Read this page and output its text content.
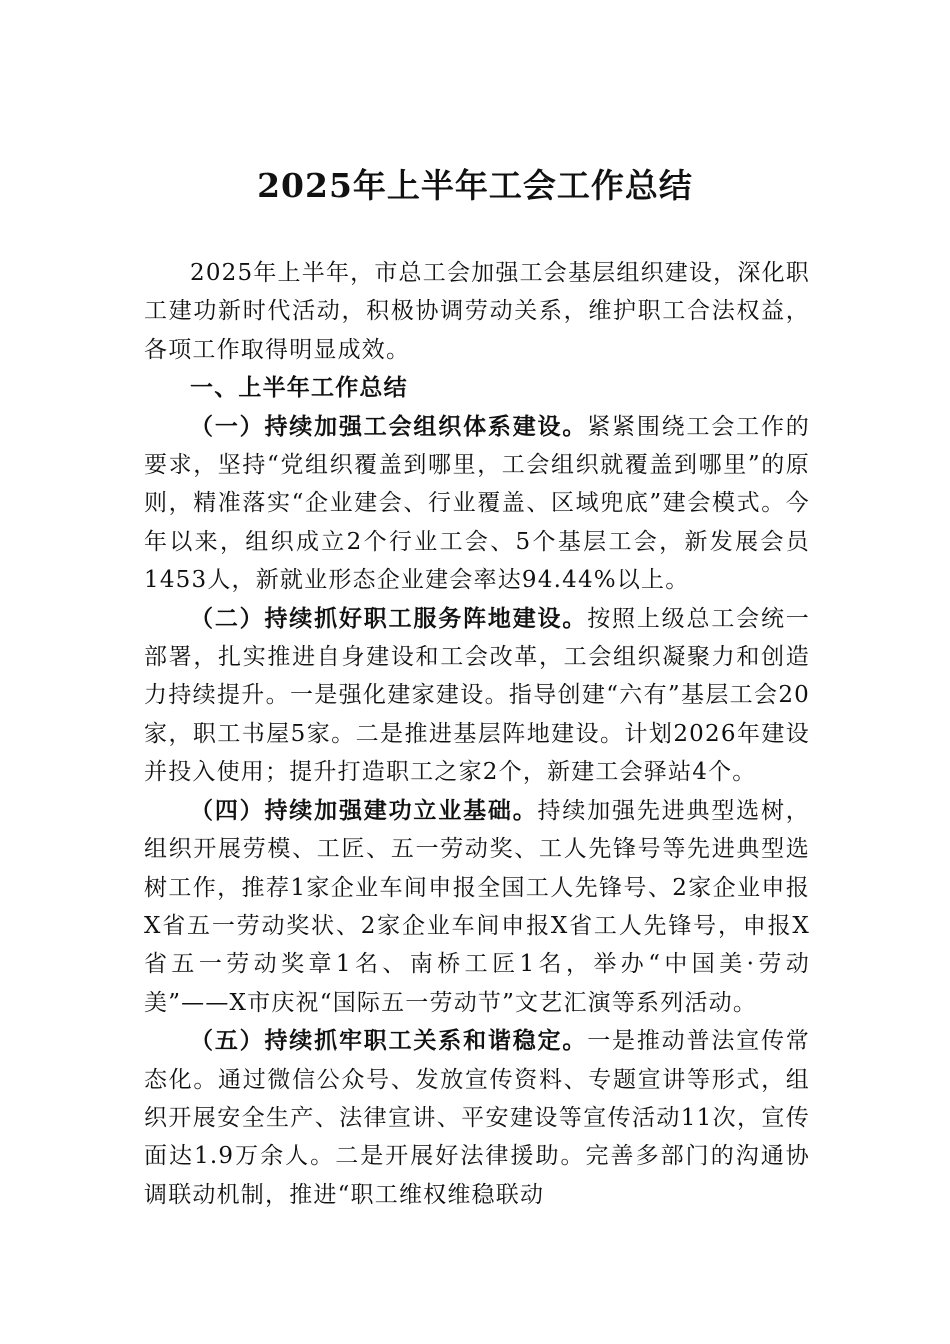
2025年上半年工会工作总结

2025年上半年，市总工会加强工会基层组织建设，深化职工建功新时代活动，积极协调劳动关系，维护职工合法权益，各项工作取得明显成效。

一、上半年工作总结

（一）持续加强工会组织体系建设。紧紧围绕工会工作的要求，坚持“党组织覆盖到哪里，工会组织就覆盖到哪里”的原则，精准落实“企业建会、行业覆盖、区域兜底”建会模式。今年以来，组织成立2个行业工会、5个基层工会，新发展会员1453人，新就业形态企业建会率达94.44%以上。

（二）持续抓好职工服务阵地建设。按照上级总工会统一部署，扎实推进自身建设和工会改革，工会组织凝聚力和创造力持续提升。一是强化建家建设。指导创建“六有”基层工会20家，职工书屋5家。二是推进基层阵地建设。计划2026年建设并投入使用；提升打造职工之家2个，新建工会驿站4个。

（四）持续加强建功立业基础。持续加强先进典型选树，组织开展劳模、工匠、五一劳动奖、工人先锋号等先进典型选树工作，推荐1家企业车间申报全国工人先锋号、2家企业申报X省五一劳动奖状、2家企业车间申报X省工人先锋号，申报X省五一劳动奖章1名、南桥工匠1名，举办“中国美·劳动美”——X市庆祝“国际五一劳动节”文艺汇演等系列活动。

（五）持续抓牢职工关系和谐稳定。一是推动普法宣传常态化。通过微信公众号、发放宣传资料、专题宣讲等形式，组织开展安全生产、法律宣讲、平安建设等宣传活动11次，宣传面达1.9万余人。二是开展好法律援助。完善多部门的沟通协调联动机制，推进“职工维权维稳联动
